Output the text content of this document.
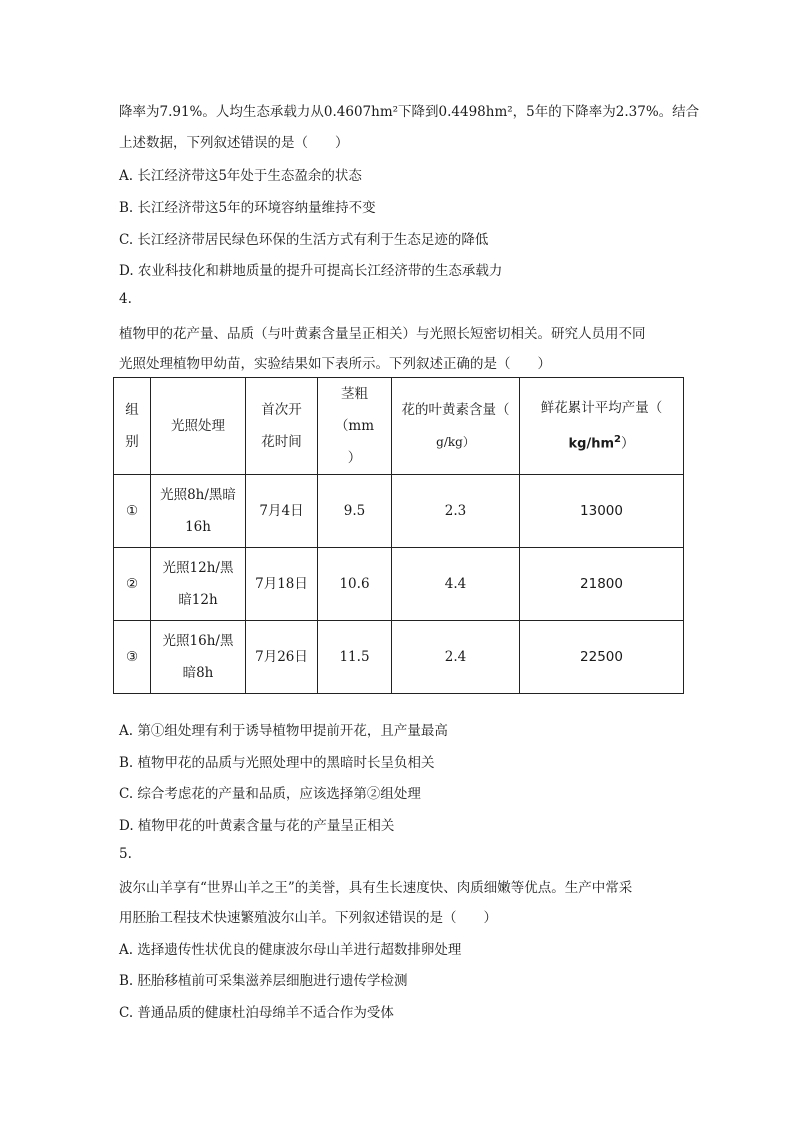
降率为7.91%。人均生态承载力从0.4607hm²下降到0.4498hm²，5年的下降率为2.37%。结合
上述数据，下列叙述错误的是（　　）
A. 长江经济带这5年处于生态盈余的状态
B. 长江经济带这5年的环境容纳量维持不变
C. 长江经济带居民绿色环保的生活方式有利于生态足迹的降低
D. 农业科技化和耕地质量的提升可提高长江经济带的生态承载力
4.
植物甲的花产量、品质（与叶黄素含量呈正相关）与光照长短密切相关。研究人员用不同
光照处理植物甲幼苗，实验结果如下表所示。下列叙述正确的是（　　）
组
别	光照处理	首次开
花时间	茎粗（mm
）	花的叶黄素含量（
g/kg）	鲜花累计平均产量（
$kg/hm^2$）
①	光照8h/黑暗
16h	7月4日	9.5	2.3	13000
②	光照12h/黑
暗12h	7月18日	10.6	4.4	21800
③	光照16h/黑
暗8h	7月26日	11.5	2.4	22500
A. 第①组处理有利于诱导植物甲提前开花，且产量最高
B. 植物甲花的品质与光照处理中的黑暗时长呈负相关
C. 综合考虑花的产量和品质，应该选择第②组处理
D. 植物甲花的叶黄素含量与花的产量呈正相关
5.
波尔山羊享有“世界山羊之王”的美誉，具有生长速度快、肉质细嫩等优点。生产中常采
用胚胎工程技术快速繁殖波尔山羊。下列叙述错误的是（　　）
A. 选择遗传性状优良的健康波尔母山羊进行超数排卵处理
B. 胚胎移植前可采集滋养层细胞进行遗传学检测
C. 普通品质的健康杜泊母绵羊不适合作为受体
